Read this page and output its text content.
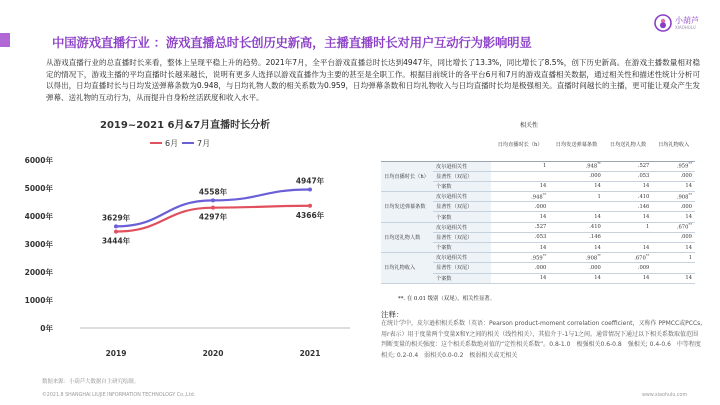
中国游戏直播行业 ：游戏直播总时长创历史新高，主播直播时长对用户互动行为影响明显
小葫芦
XIAOHULU

从游戏直播行业的总直播时长来看，整体上呈现平稳上升的趋势。2021年7月，全平台游戏直播总时长达到4947年，同比增长了13.3%，同比增长了8.5%，创下历史新高。在游戏主播数量相对稳定的情况下，游戏主播的平均直播时长越来越长，说明有更多人选择以游戏直播作为主要的甚至是全职工作。根据目前统计的各平台6月和7月的游戏直播相关数据，通过相关性和描述性统计分析可以得出，日均直播时长与日均发送弹幕条数为0.948，与日均礼物人数的相关系数为0.959，日均弹幕条数和日均礼物收入与日均直播时长均是极强相关。直播时间越长的主播，更可能让观众产生发弹幕、送礼物的互动行为，从而提升自身粉丝活跃度和收入水平。

2019~2021 6月&7月直播时长分析
6月 7月
0年
1000年
2000年
3000年
4000年
5000年
6000年
2019	2020	2021
3444年
4297年	4366年
3629年
4558年
4947年
相关性
		日均直播时长（h）	日均发送弹幕条数	日均送礼物人数	日均礼物收入
日均直播时长（h）	皮尔逊相关性	1	.948**	.527	.959**
	显著性（双尾）		.000	.053	.000
	个案数	14	14	14	14
日均发送弹幕条数	皮尔逊相关性	.948**	1	.410	.908**
	显著性（双尾）	.000		.146	.000
	个案数	14	14	14	14
日均送礼物人数	皮尔逊相关性	.527	.410	1	.670**
	显著性（双尾）	.053	.146		.009
	个案数	14	14	14	14
日均礼物收入	皮尔逊相关性	.959**	.908**	.670**	1
	显著性（双尾）	.000	.000	.009	
	个案数	14	14	14	14
**. 在 0.01 级别（双尾），相关性显著。
注释：

在统计学中，皮尔逊积相关系数（英语：Pearson product-moment correlation coefficient，又称作 PPMCC或PCCs, 用r表示）用于度量两个变量X和Y之间的相关（线性相关），其值介于-1与1之间。通常情况下通过以下相关系数取值范围判断变量的相关强度：这个相关系数绝对值的“定性相关系数”。0.8-1.0　极强相关0.6-0.8　强相关; 0.4-0.6　中等程度相关; 0.2-0.4　弱相关0.0-0.2　极弱相关或无相关

数据来源：小葫芦大数据自主研究绘制。
©2021.8 SHANGHAI LIUJIE INFORMATION TECHNOLOGY Co.,Ltd.	www.xiaohulu.com
